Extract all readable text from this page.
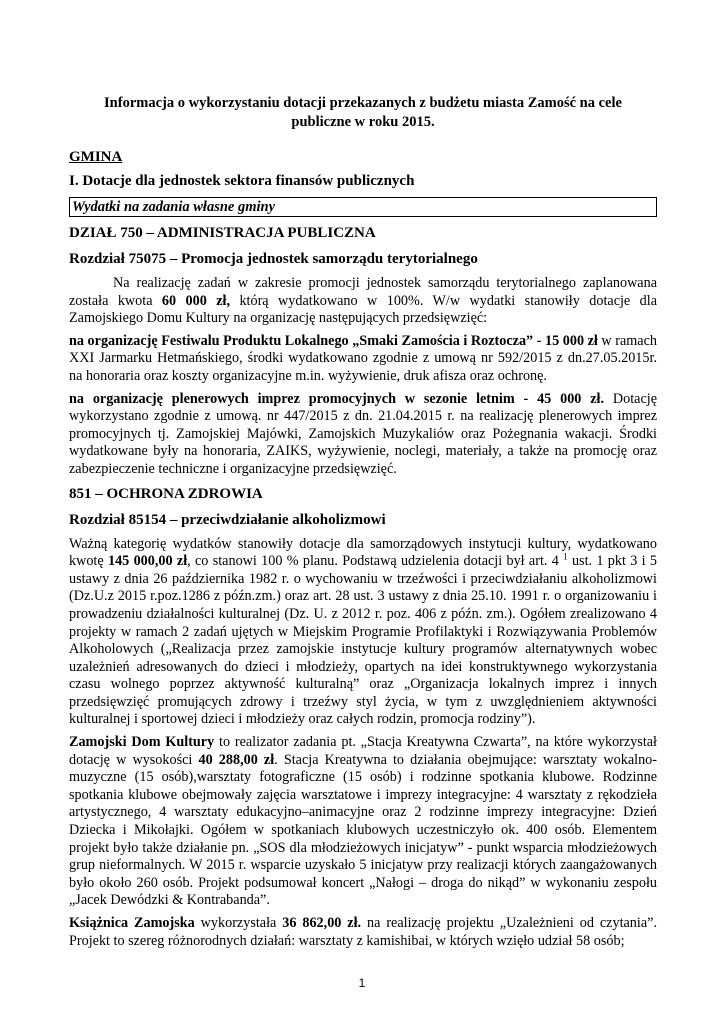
Informacja o wykorzystaniu dotacji przekazanych z budżetu miasta Zamość na cele publiczne w roku 2015.

GMINA

I. Dotacje dla jednostek sektora finansów publicznych

Wydatki na zadania własne gminy

DZIAŁ 750 – ADMINISTRACJA PUBLICZNA

Rozdział 75075 – Promocja jednostek samorządu terytorialnego

Na realizację zadań w zakresie promocji jednostek samorządu terytorialnego zaplanowana została kwota 60 000 zł, którą wydatkowano w 100%. W/w wydatki stanowiły dotacje dla Zamojskiego Domu Kultury na organizację następujących przedsięwzięć:

na organizację Festiwalu Produktu Lokalnego „Smaki Zamościa i Roztocza” - 15 000 zł w ramach XXI Jarmarku Hetmańskiego, środki wydatkowano zgodnie z umową nr 592/2015 z dn.27.05.2015r. na honoraria oraz koszty organizacyjne m.in. wyżywienie, druk afisza oraz ochronę.

na organizację plenerowych imprez promocyjnych w sezonie letnim - 45 000 zł. Dotację wykorzystano zgodnie z umową. nr 447/2015 z dn. 21.04.2015 r. na realizację plenerowych imprez promocyjnych tj. Zamojskiej Majówki, Zamojskich Muzykaliów oraz Pożegnania wakacji. Środki wydatkowane były na honoraria, ZAIKS, wyżywienie, noclegi, materiały, a także na promocję oraz zabezpieczenie techniczne i organizacyjne przedsięwzięć.

851 – OCHRONA ZDROWIA

Rozdział 85154 – przeciwdziałanie alkoholizmowi

Ważną kategorię wydatków stanowiły dotacje dla samorządowych instytucji kultury, wydatkowano kwotę 145 000,00 zł, co stanowi 100 % planu. Podstawą udzielenia dotacji był art. 4 $^1$ ust. 1 pkt 3 i 5 ustawy z dnia 26 października 1982 r. o wychowaniu w trzeźwości i przeciwdziałaniu alkoholizmowi (Dz.U.z 2015 r.poz.1286 z późn.zm.) oraz art. 28 ust. 3 ustawy z dnia 25.10. 1991 r. o organizowaniu i prowadzeniu działalności kulturalnej (Dz. U. z 2012 r. poz. 406 z późn. zm.). Ogółem zrealizowano 4 projekty w ramach 2 zadań ujętych w Miejskim Programie Profilaktyki i Rozwiązywania Problemów Alkoholowych („Realizacja przez zamojskie instytucje kultury programów alternatywnych wobec uzależnień adresowanych do dzieci i młodzieży, opartych na idei konstruktywnego wykorzystania czasu wolnego poprzez aktywność kulturalną” oraz „Organizacja lokalnych imprez i innych przedsięwzięć promujących zdrowy i trzeźwy styl życia, w tym z uwzględnieniem aktywności kulturalnej i sportowej dzieci i młodzieży oraz całych rodzin, promocja rodziny”).

Zamojski Dom Kultury to realizator zadania pt. „Stacja Kreatywna Czwarta”, na które wykorzystał dotację w wysokości 40 288,00 zł. Stacja Kreatywna to działania obejmujące: warsztaty wokalno-muzyczne (15 osób),warsztaty fotograficzne (15 osób) i rodzinne spotkania klubowe. Rodzinne spotkania klubowe obejmowały zajęcia warsztatowe i imprezy integracyjne: 4 warsztaty z rękodzieła artystycznego, 4 warsztaty edukacyjno–animacyjne oraz 2 rodzinne imprezy integracyjne: Dzień Dziecka i Mikołajki. Ogółem w spotkaniach klubowych uczestniczyło ok. 400 osób. Elementem projekt było także działanie pn. „SOS dla młodzieżowych inicjatyw” - punkt wsparcia młodzieżowych grup nieformalnych. W 2015 r. wsparcie uzyskało 5 inicjatyw przy realizacji których zaangażowanych było około 260 osób. Projekt podsumował koncert „Nałogi – droga do nikąd” w wykonaniu zespołu „Jacek Dewódzki & Kontrabanda”.

Książnica Zamojska wykorzystała 36 862,00 zł. na realizację projektu „Uzależnieni od czytania”. Projekt to szereg różnorodnych działań: warsztaty z kamishibai, w których wzięło udział 58 osób;

1
